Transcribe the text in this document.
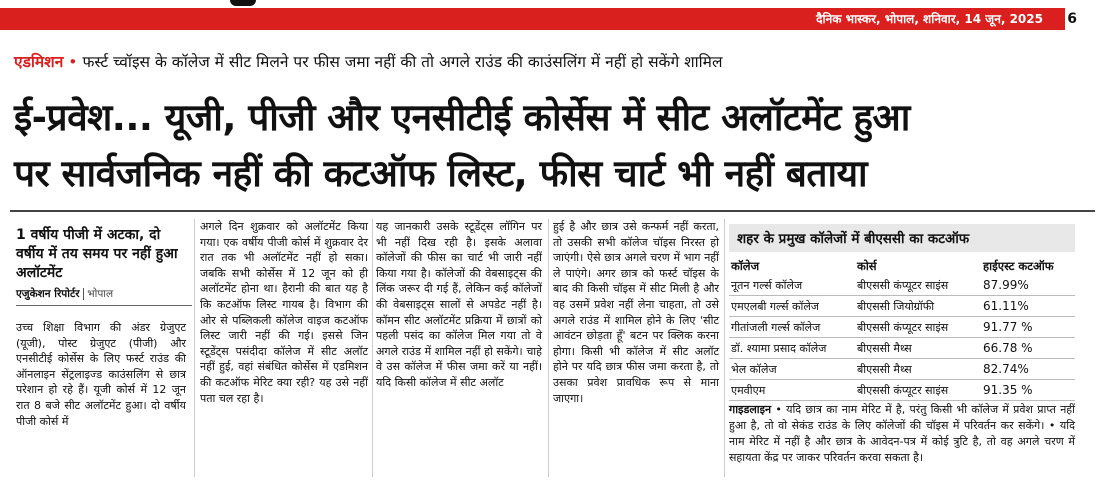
दैनिक भास्कर, भोपाल, शनिवार, 14 जून, 2025 6
एडमिशन • फर्स्ट च्वॉइस के कॉलेज में सीट मिलने पर फीस जमा नहीं की तो अगले राउंड की काउंसलिंग में नहीं हो सकेंगे शामिल
ई-प्रवेश... यूजी, पीजी और एनसीटीई कोर्सेस में सीट अलॉटमेंट हुआ
पर सार्वजनिक नहीं की कटऑफ लिस्ट, फीस चार्ट भी नहीं बताया
1 वर्षीय पीजी में अटका, दो वर्षीय में तय समय पर नहीं हुआ अलॉटमेंट
एजुकेशन रिपोर्टर भोपाल

उच्च शिक्षा विभाग की अंडर ग्रेजुएट (यूजी), पोस्ट ग्रेजुएट (पीजी) और एनसीटीई कोर्सेस के लिए फर्स्ट राउंड की ऑनलाइन सेंट्रलाइज्ड काउंसलिंग से छात्र परेशान हो रहे हैं। यूजी कोर्स में 12 जून रात 8 बजे सीट अलॉटमेंट हुआ। दो वर्षीय पीजी कोर्स में

अगले दिन शुक्रवार को अलॉटमेंट किया गया। एक वर्षीय पीजी कोर्स में शुक्रवार देर रात तक भी अलॉटमेंट नहीं हो सका। जबकि सभी कोर्सेस में 12 जून को ही अलॉटमेंट होना था। हैरानी की बात यह है कि कटऑफ लिस्ट गायब है। विभाग की ओर से पब्लिकली कॉलेज वाइज कटऑफ लिस्ट जारी नहीं की गई। इससे जिन स्टूडेंट्स पसंदीदा कॉलेज में सीट अलॉट नहीं हुई, वहां संबंधित कोर्सेस में एडमिशन की कटऑफ मेरिट क्या रही? यह उसे नहीं पता चल रहा है।

यह जानकारी उसके स्टूडेंट्स लॉगिन पर भी नहीं दिख रही है। इसके अलावा कॉलेजों की फीस का चार्ट भी जारी नहीं किया गया है। कॉलेजों की वेबसाइट्स की लिंक जरूर दी गई हैं, लेकिन कई कॉलेजों की वेबसाइट्स सालों से अपडेट नहीं है। कॉमन सीट अलॉटमेंट प्रक्रिया में छात्रों को पहली पसंद का कॉलेज मिल गया तो वे अगले राउंड में शामिल नहीं हो सकेंगे। चाहे वे उस कॉलेज में फीस जमा करें या नहीं। यदि किसी कॉलेज में सीट अलॉट

हुई है और छात्र उसे कन्फर्म नहीं करता, तो उसकी सभी कॉलेज चॉइस निरस्त हो जाएंगी। ऐसे छात्र अगले चरण में भाग नहीं ले पाएंगे। अगर छात्र को फर्स्ट चॉइस के बाद की किसी चॉइस में सीट मिली है और वह उसमें प्रवेश नहीं लेना चाहता, तो उसे अगले राउंड में शामिल होने के लिए 'सीट आवंटन छोड़ता हूँ' बटन पर क्लिक करना होगा। किसी भी कॉलेज में सीट अलॉट होने पर यदि छात्र फीस जमा करता है, तो उसका प्रवेश प्रावधिक रूप से माना जाएगा।

शहर के प्रमुख कॉलेजों में बीएससी का कटऑफ
कॉलेज	कोर्स	हाईएस्ट कटऑफ
नूतन गर्ल्स कॉलेज	बीएससी कंप्यूटर साइंस	87.99%
एमएलबी गर्ल्स कॉलेज	बीएससी जियोग्रॉफी	61.11%
गीतांजली गर्ल्स कॉलेज	बीएससी कंप्यूटर साइंस	91.77 %
डॉ. श्यामा प्रसाद कॉलेज	बीएससी मैथ्स	66.78 %
भेल कॉलेज	बीएससी मैथ्स	82.74%
एमवीएम	बीएससी कंप्यूटर साइंस	91.35 %
गाइडलाइन • यदि छात्र का नाम मेरिट में है, परंतु किसी भी कॉलेज में प्रवेश प्राप्त नहीं हुआ है, तो वो सेकंड राउंड के लिए कॉलेजों की चॉइस में परिवर्तन कर सकेंगे। • यदि नाम मेरिट में नहीं है और छात्र के आवेदन-पत्र में कोई त्रुटि है, तो वह अगले चरण में सहायता केंद्र पर जाकर परिवर्तन करवा सकता है।
